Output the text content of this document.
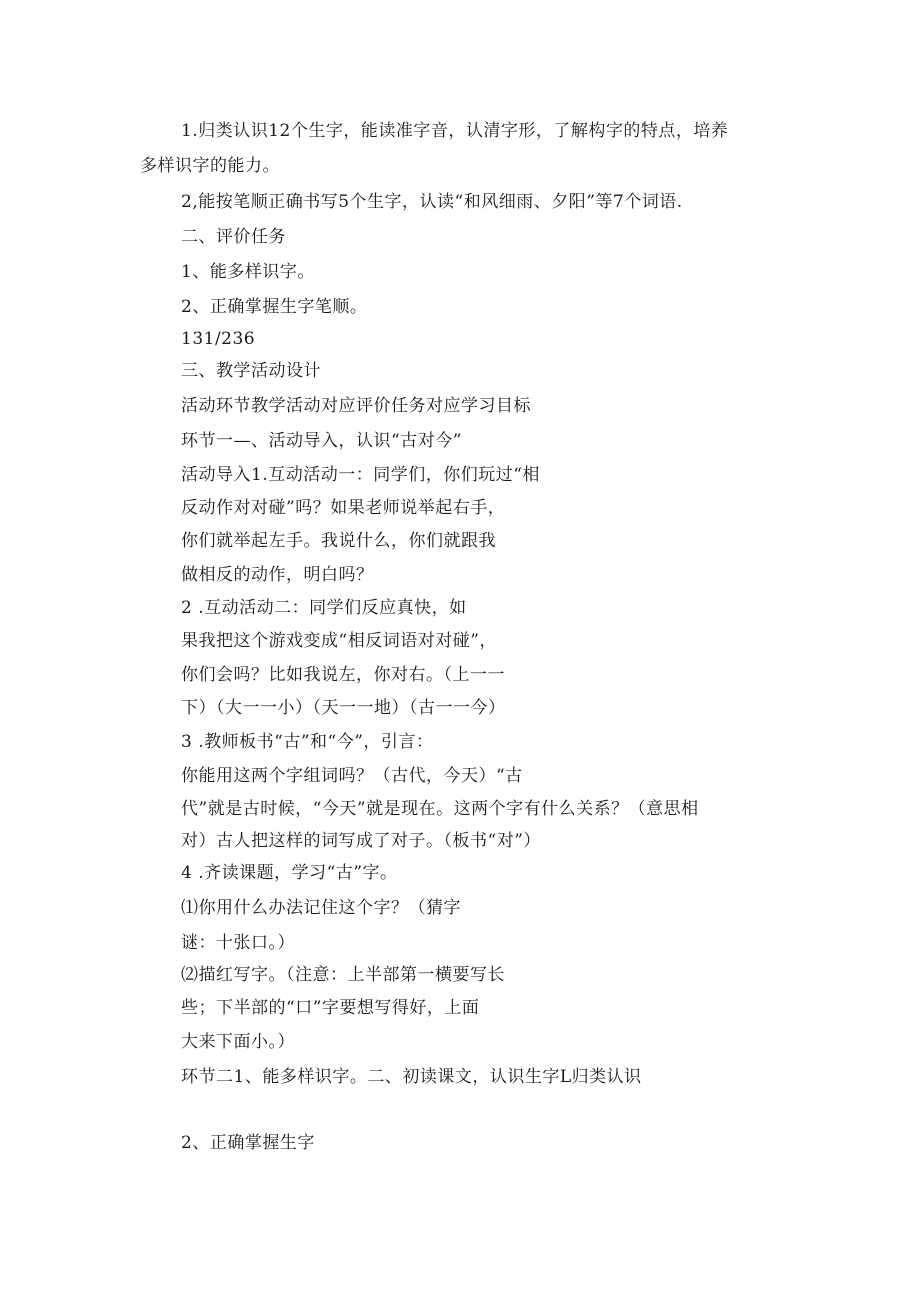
1.归类认识12个生字，能读准字音，认清字形，了解构字的特点，培养
多样识字的能力。
2,能按笔顺正确书写5个生字，认读“和风细雨、夕阳”等7个词语.
二、评价任务
1、能多样识字。
2、正确掌握生字笔顺。
131/236
三、教学活动设计
活动环节教学活动对应评价任务对应学习目标
环节一—、活动导入，认识“古对今”
活动导入1.互动活动一：同学们，你们玩过“相
反动作对对碰”吗？如果老师说举起右手，
你们就举起左手。我说什么，你们就跟我
做相反的动作，明白吗？
2 .互动活动二：同学们反应真快，如
果我把这个游戏变成“相反词语对对碰”，
你们会吗？比如我说左，你对右。（上一一
下）（大一一小）（天一一地）（古一一今）
3 .教师板书“古”和“今”，引言：
你能用这两个字组词吗？（古代，今天）“古
代”就是古时候，“今天”就是现在。这两个字有什么关系？（意思相
对）古人把这样的词写成了对子。（板书“对”）
4 .齐读课题，学习“古”字。
⑴你用什么办法记住这个字？（猜字
谜：十张口。）
⑵描红写字。（注意：上半部第一横要写长
些；下半部的“口”字要想写得好，上面
大来下面小。）
环节二1、能多样识字。二、初读课文，认识生字L归类认识
2、正确掌握生字
